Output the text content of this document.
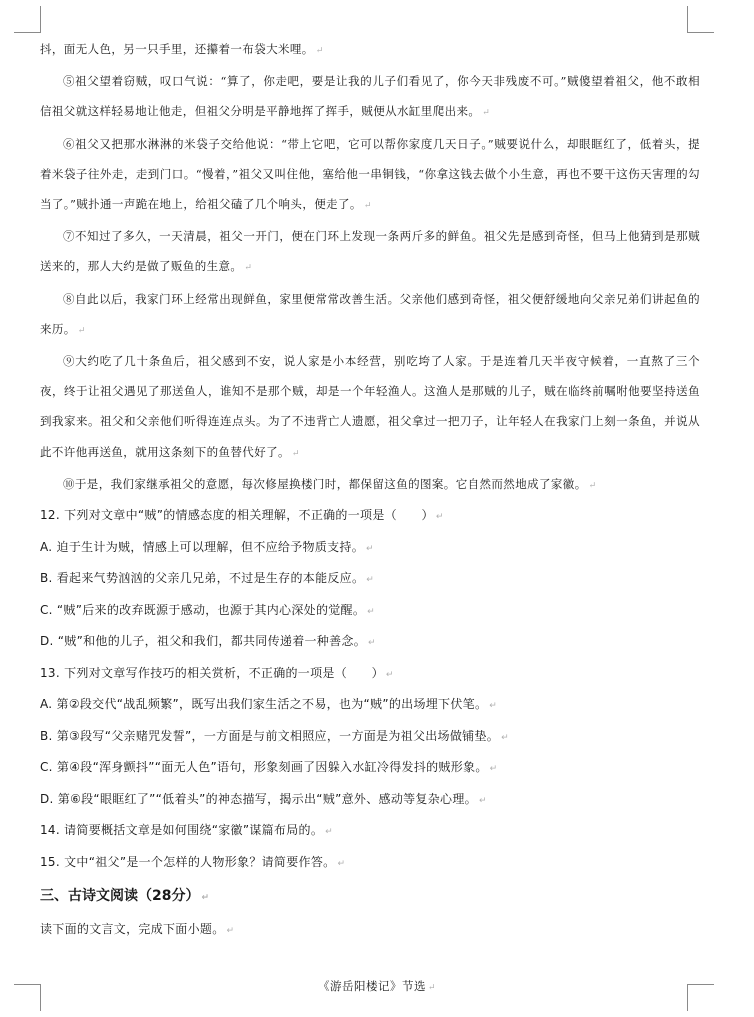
抖，面无人色，另一只手里，还攥着一布袋大米哩。 ↵

⑤祖父望着窃贼，叹口气说：“算了，你走吧，要是让我的儿子们看见了，你今天非残废不可。”贼傻望着祖父，他不敢相信祖父就这样轻易地让他走，但祖父分明是平静地挥了挥手，贼便从水缸里爬出来。 ↵

⑥祖父又把那水淋淋的米袋子交给他说：“带上它吧，它可以帮你家度几天日子。”贼要说什么，却眼眶红了，低着头，提着米袋子往外走，走到门口。“慢着，”祖父又叫住他，塞给他一串铜钱，“你拿这钱去做个小生意，再也不要干这伤天害理的勾当了。”贼扑通一声跪在地上，给祖父磕了几个响头，便走了。 ↵

⑦不知过了多久，一天清晨，祖父一开门，便在门环上发现一条两斤多的鲜鱼。祖父先是感到奇怪，但马上他猜到是那贼送来的，那人大约是做了贩鱼的生意。 ↵

⑧自此以后，我家门环上经常出现鲜鱼，家里便常常改善生活。父亲他们感到奇怪，祖父便舒缓地向父亲兄弟们讲起鱼的来历。 ↵

⑨大约吃了几十条鱼后，祖父感到不安，说人家是小本经营，别吃垮了人家。于是连着几天半夜守候着，一直熬了三个夜，终于让祖父遇见了那送鱼人，谁知不是那个贼，却是一个年轻渔人。这渔人是那贼的儿子，贼在临终前嘱咐他要坚持送鱼到我家来。祖父和父亲他们听得连连点头。为了不违背亡人遗愿，祖父拿过一把刀子，让年轻人在我家门上刻一条鱼，并说从此不许他再送鱼，就用这条刻下的鱼替代好了。 ↵

⑩于是，我们家继承祖父的意愿，每次修屋换楼门时，都保留这鱼的图案。它自然而然地成了家徽。 ↵

12. 下列对文章中“贼”的情感态度的相关理解，不正确的一项是（　　） ↵

A. 迫于生计为贼，情感上可以理解，但不应给予物质支持。 ↵

B. 看起来气势汹汹的父亲几兄弟，不过是生存的本能反应。 ↵

C. “贼”后来的改弃既源于感动，也源于其内心深处的觉醒。 ↵

D. “贼”和他的儿子，祖父和我们，都共同传递着一种善念。 ↵

13. 下列对文章写作技巧的相关赏析，不正确的一项是（　　） ↵

A. 第②段交代“战乱频繁”，既写出我们家生活之不易，也为“贼”的出场埋下伏笔。 ↵

B. 第③段写“父亲赌咒发誓”，一方面是与前文相照应，一方面是为祖父出场做铺垫。 ↵

C. 第④段“浑身颤抖”“面无人色”语句，形象刻画了因躲入水缸冷得发抖的贼形象。 ↵

D. 第⑥段“眼眶红了”“低着头”的神态描写，揭示出“贼”意外、感动等复杂心理。 ↵

14. 请简要概括文章是如何围绕“家徽”谋篇布局的。 ↵

15. 文中“祖父”是一个怎样的人物形象？请简要作答。 ↵

三、古诗文阅读（28分） ↵

读下面的文言文，完成下面小题。 ↵

《游岳阳楼记》节选 ↵
